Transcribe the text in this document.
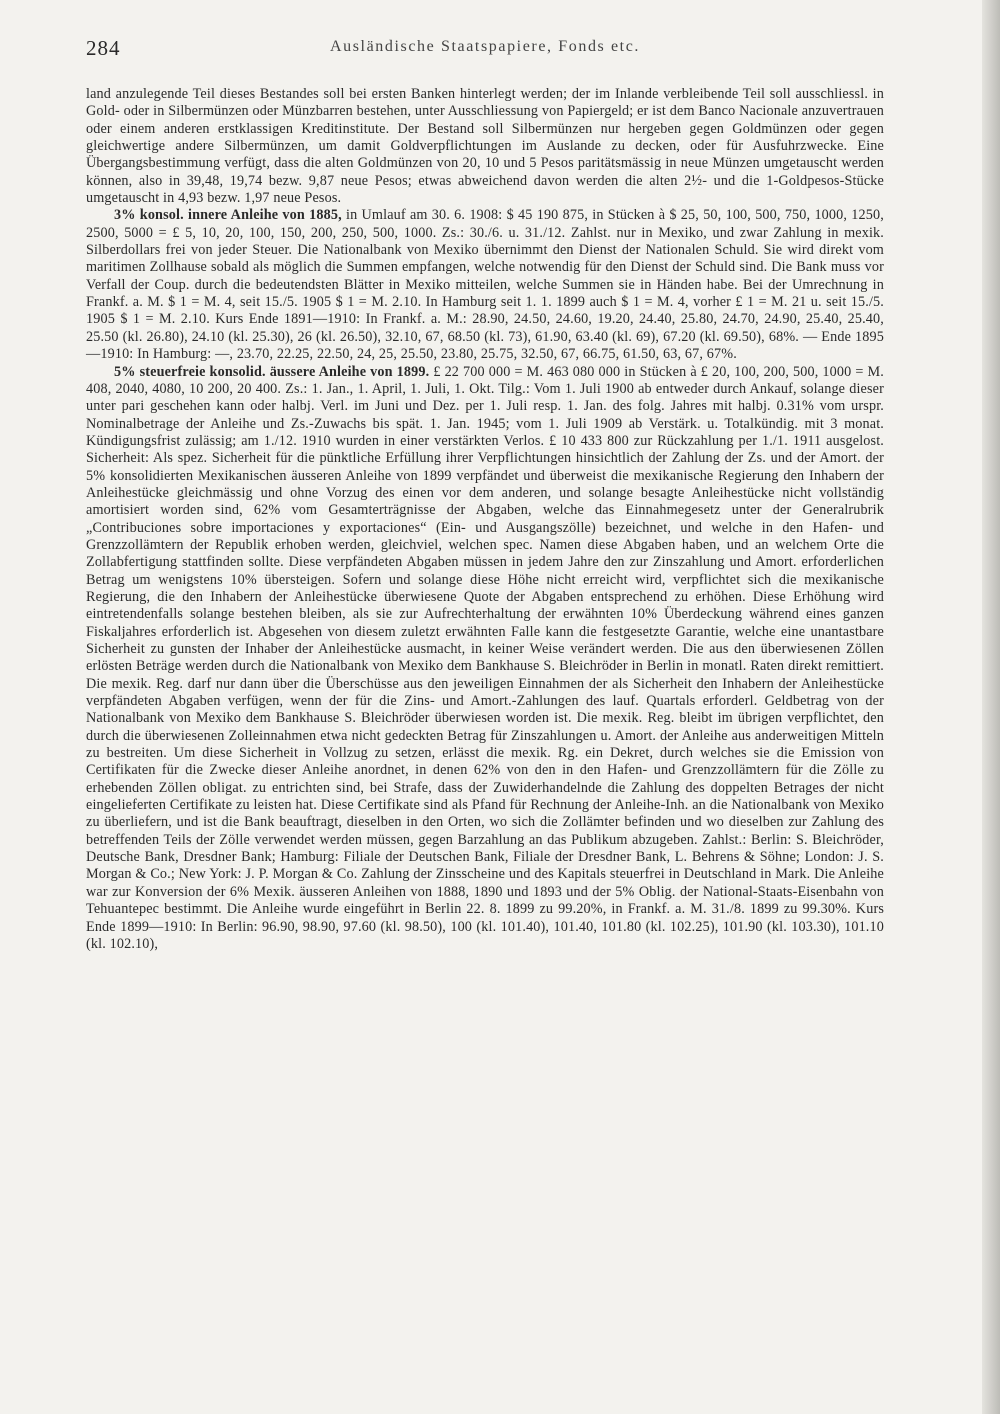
284	Ausländische Staatspapiere, Fonds etc.

land anzulegende Teil dieses Bestandes soll bei ersten Banken hinterlegt werden; der im Inlande verbleibende Teil soll ausschliessl. in Gold- oder in Silbermünzen oder Münzbarren bestehen, unter Ausschliessung von Papiergeld; er ist dem Banco Nacionale anzuvertrauen oder einem anderen erstklassigen Kreditinstitute. Der Bestand soll Silbermünzen nur hergeben gegen Goldmünzen oder gegen gleichwertige andere Silbermünzen, um damit Goldverpflichtungen im Auslande zu decken, oder für Ausfuhrzwecke. Eine Übergangsbestimmung verfügt, dass die alten Goldmünzen von 20, 10 und 5 Pesos paritätsmässig in neue Münzen umgetauscht werden können, also in 39,48, 19,74 bezw. 9,87 neue Pesos; etwas abweichend davon werden die alten 2½- und die 1-Goldpesos-Stücke umgetauscht in 4,93 bezw. 1,97 neue Pesos.

3% konsol. innere Anleihe von 1885, in Umlauf am 30. 6. 1908: $ 45 190 875, in Stücken à $ 25, 50, 100, 500, 750, 1000, 1250, 2500, 5000 = £ 5, 10, 20, 100, 150, 200, 250, 500, 1000. Zs.: 30./6. u. 31./12. Zahlst. nur in Mexiko, und zwar Zahlung in mexik. Silberdollars frei von jeder Steuer. Die Nationalbank von Mexiko übernimmt den Dienst der Nationalen Schuld. Sie wird direkt vom maritimen Zollhause sobald als möglich die Summen empfangen, welche notwendig für den Dienst der Schuld sind. Die Bank muss vor Verfall der Coup. durch die bedeutendsten Blätter in Mexiko mitteilen, welche Summen sie in Händen habe. Bei der Umrechnung in Frankf. a. M. $ 1 = M. 4, seit 15./5. 1905 $ 1 = M. 2.10. In Hamburg seit 1. 1. 1899 auch $ 1 = M. 4, vorher £ 1 = M. 21 u. seit 15./5. 1905 $ 1 = M. 2.10. Kurs Ende 1891—1910: In Frankf. a. M.: 28.90, 24.50, 24.60, 19.20, 24.40, 25.80, 24.70, 24.90, 25.40, 25.40, 25.50 (kl. 26.80), 24.10 (kl. 25.30), 26 (kl. 26.50), 32.10, 67, 68.50 (kl. 73), 61.90, 63.40 (kl. 69), 67.20 (kl. 69.50), 68%. — Ende 1895—1910: In Hamburg: —, 23.70, 22.25, 22.50, 24, 25, 25.50, 23.80, 25.75, 32.50, 67, 66.75, 61.50, 63, 67, 67%.

5% steuerfreie konsolid. äussere Anleihe von 1899. £ 22 700 000 = M. 463 080 000 in Stücken à £ 20, 100, 200, 500, 1000 = M. 408, 2040, 4080, 10 200, 20 400. Zs.: 1. Jan., 1. April, 1. Juli, 1. Okt. Tilg.: Vom 1. Juli 1900 ab entweder durch Ankauf, solange dieser unter pari geschehen kann oder halbj. Verl. im Juni und Dez. per 1. Juli resp. 1. Jan. des folg. Jahres mit halbj. 0.31% vom urspr. Nominalbetrage der Anleihe und Zs.-Zuwachs bis spät. 1. Jan. 1945; vom 1. Juli 1909 ab Verstärk. u. Totalkündig. mit 3 monat. Kündigungsfrist zulässig; am 1./12. 1910 wurden in einer verstärkten Verlos. £ 10 433 800 zur Rückzahlung per 1./1. 1911 ausgelost. Sicherheit: Als spez. Sicherheit für die pünktliche Erfüllung ihrer Verpflichtungen hinsichtlich der Zahlung der Zs. und der Amort. der 5% konsolidierten Mexikanischen äusseren Anleihe von 1899 verpfändet und überweist die mexikanische Regierung den Inhabern der Anleihestücke gleichmässig und ohne Vorzug des einen vor dem anderen, und solange besagte Anleihestücke nicht vollständig amortisiert worden sind, 62% vom Gesamterträgnisse der Abgaben, welche das Einnahmegesetz unter der Generalrubrik „Contribuciones sobre importaciones y exportaciones“ (Ein- und Ausgangszölle) bezeichnet, und welche in den Hafen- und Grenzzollämtern der Republik erhoben werden, gleichviel, welchen spec. Namen diese Abgaben haben, und an welchem Orte die Zollabfertigung stattfinden sollte. Diese verpfändeten Abgaben müssen in jedem Jahre den zur Zinszahlung und Amort. erforderlichen Betrag um wenigstens 10% übersteigen. Sofern und solange diese Höhe nicht erreicht wird, verpflichtet sich die mexikanische Regierung, die den Inhabern der Anleihestücke überwiesene Quote der Abgaben entsprechend zu erhöhen. Diese Erhöhung wird eintretendenfalls solange bestehen bleiben, als sie zur Aufrechterhaltung der erwähnten 10% Überdeckung während eines ganzen Fiskaljahres erforderlich ist. Abgesehen von diesem zuletzt erwähnten Falle kann die festgesetzte Garantie, welche eine unantastbare Sicherheit zu gunsten der Inhaber der Anleihestücke ausmacht, in keiner Weise verändert werden. Die aus den überwiesenen Zöllen erlösten Beträge werden durch die Nationalbank von Mexiko dem Bankhause S. Bleichröder in Berlin in monatl. Raten direkt remittiert. Die mexik. Reg. darf nur dann über die Überschüsse aus den jeweiligen Einnahmen der als Sicherheit den Inhabern der Anleihestücke verpfändeten Abgaben verfügen, wenn der für die Zins- und Amort.-Zahlungen des lauf. Quartals erforderl. Geldbetrag von der Nationalbank von Mexiko dem Bankhause S. Bleichröder überwiesen worden ist. Die mexik. Reg. bleibt im übrigen verpflichtet, den durch die überwiesenen Zolleinnahmen etwa nicht gedeckten Betrag für Zinszahlungen u. Amort. der Anleihe aus anderweitigen Mitteln zu bestreiten. Um diese Sicherheit in Vollzug zu setzen, erlässt die mexik. Rg. ein Dekret, durch welches sie die Emission von Certifikaten für die Zwecke dieser Anleihe anordnet, in denen 62% von den in den Hafen- und Grenzzollämtern für die Zölle zu erhebenden Zöllen obligat. zu entrichten sind, bei Strafe, dass der Zuwiderhandelnde die Zahlung des doppelten Betrages der nicht eingelieferten Certifikate zu leisten hat. Diese Certifikate sind als Pfand für Rechnung der Anleihe-Inh. an die Nationalbank von Mexiko zu überliefern, und ist die Bank beauftragt, dieselben in den Orten, wo sich die Zollämter befinden und wo dieselben zur Zahlung des betreffenden Teils der Zölle verwendet werden müssen, gegen Barzahlung an das Publikum abzugeben. Zahlst.: Berlin: S. Bleichröder, Deutsche Bank, Dresdner Bank; Hamburg: Filiale der Deutschen Bank, Filiale der Dresdner Bank, L. Behrens & Söhne; London: J. S. Morgan & Co.; New York: J. P. Morgan & Co. Zahlung der Zinsscheine und des Kapitals steuerfrei in Deutschland in Mark. Die Anleihe war zur Konversion der 6% Mexik. äusseren Anleihen von 1888, 1890 und 1893 und der 5% Oblig. der National-Staats-Eisenbahn von Tehuantepec bestimmt. Die Anleihe wurde eingeführt in Berlin 22. 8. 1899 zu 99.20%, in Frankf. a. M. 31./8. 1899 zu 99.30%. Kurs Ende 1899—1910: In Berlin: 96.90, 98.90, 97.60 (kl. 98.50), 100 (kl. 101.40), 101.40, 101.80 (kl. 102.25), 101.90 (kl. 103.30), 101.10 (kl. 102.10),
